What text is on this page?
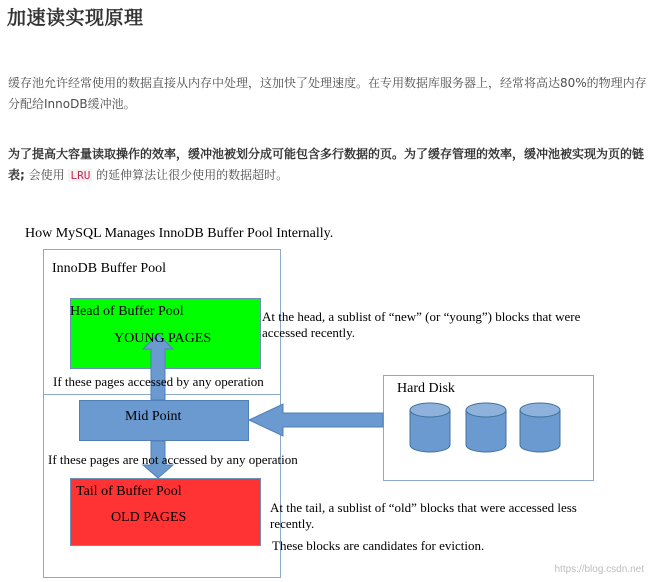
加速读实现原理
缓存池允许经常使用的数据直接从内存中处理，这加快了处理速度。在专用数据库服务器上，经常将高达80%的物理内存分配给InnoDB缓冲池。
为了提高大容量读取操作的效率，缓冲池被划分成可能包含多行数据的页。为了缓存管理的效率，缓冲池被实现为页的链表; 会使用 LRU 的延伸算法让很少使用的数据超时。
How MySQL Manages InnoDB Buffer Pool Internally.
InnoDB Buffer Pool
Head of Buffer Pool
YOUNG PAGES
If these pages accessed by any operation
Mid Point
If these pages are not accessed by any operation
Tail of Buffer Pool
OLD PAGES
At the head, a sublist of “new” (or “young”) blocks that were accessed recently.
At the tail, a sublist of “old” blocks that were accessed less recently.
These blocks are candidates for eviction.
Hard Disk
https://blog.csdn.net
